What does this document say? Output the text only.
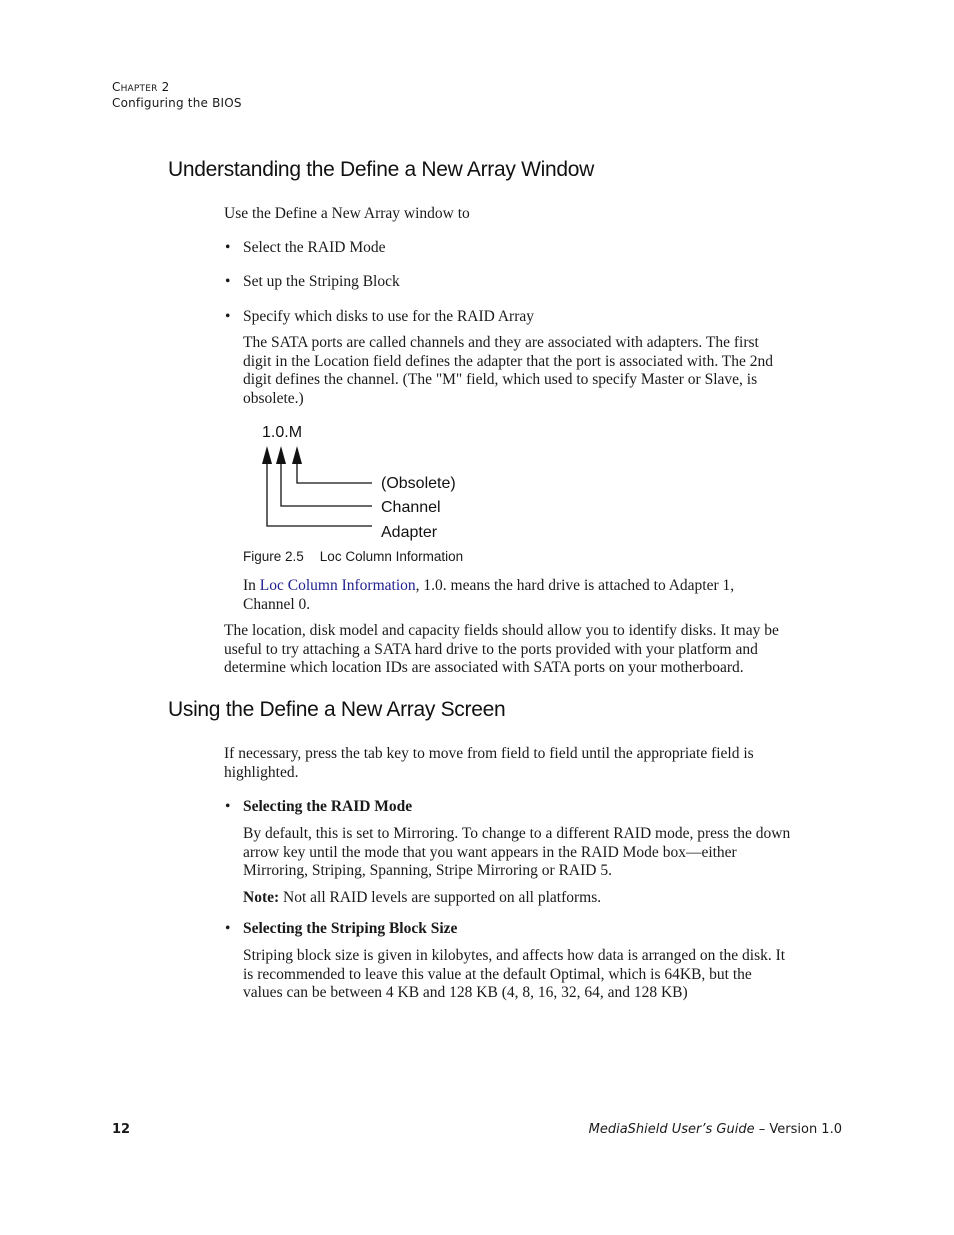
CHAPTER 2
Configuring the BIOS
Understanding the Define a New Array Window
Use the Define a New Array window to
• Select the RAID Mode
• Set up the Striping Block
• Specify which disks to use for the RAID Array
The SATA ports are called channels and they are associated with adapters. The first
digit in the Location field defines the adapter that the port is associated with. The 2nd
digit defines the channel. (The "M" field, which used to specify Master or Slave, is
obsolete.)
1.0.M
(Obsolete)
Channel
Adapter
Figure 2.5 Loc Column Information
In Loc Column Information, 1.0. means the hard drive is attached to Adapter 1,
Channel 0.
The location, disk model and capacity fields should allow you to identify disks. It may be
useful to try attaching a SATA hard drive to the ports provided with your platform and
determine which location IDs are associated with SATA ports on your motherboard.
Using the Define a New Array Screen
If necessary, press the tab key to move from field to field until the appropriate field is
highlighted.
• Selecting the RAID Mode
By default, this is set to Mirroring. To change to a different RAID mode, press the down
arrow key until the mode that you want appears in the RAID Mode box—either
Mirroring, Striping, Spanning, Stripe Mirroring or RAID 5.
Note: Not all RAID levels are supported on all platforms.
• Selecting the Striping Block Size
Striping block size is given in kilobytes, and affects how data is arranged on the disk. It
is recommended to leave this value at the default Optimal, which is 64KB, but the
values can be between 4 KB and 128 KB (4, 8, 16, 32, 64, and 128 KB)
12	MediaShield User’s Guide – Version 1.0
